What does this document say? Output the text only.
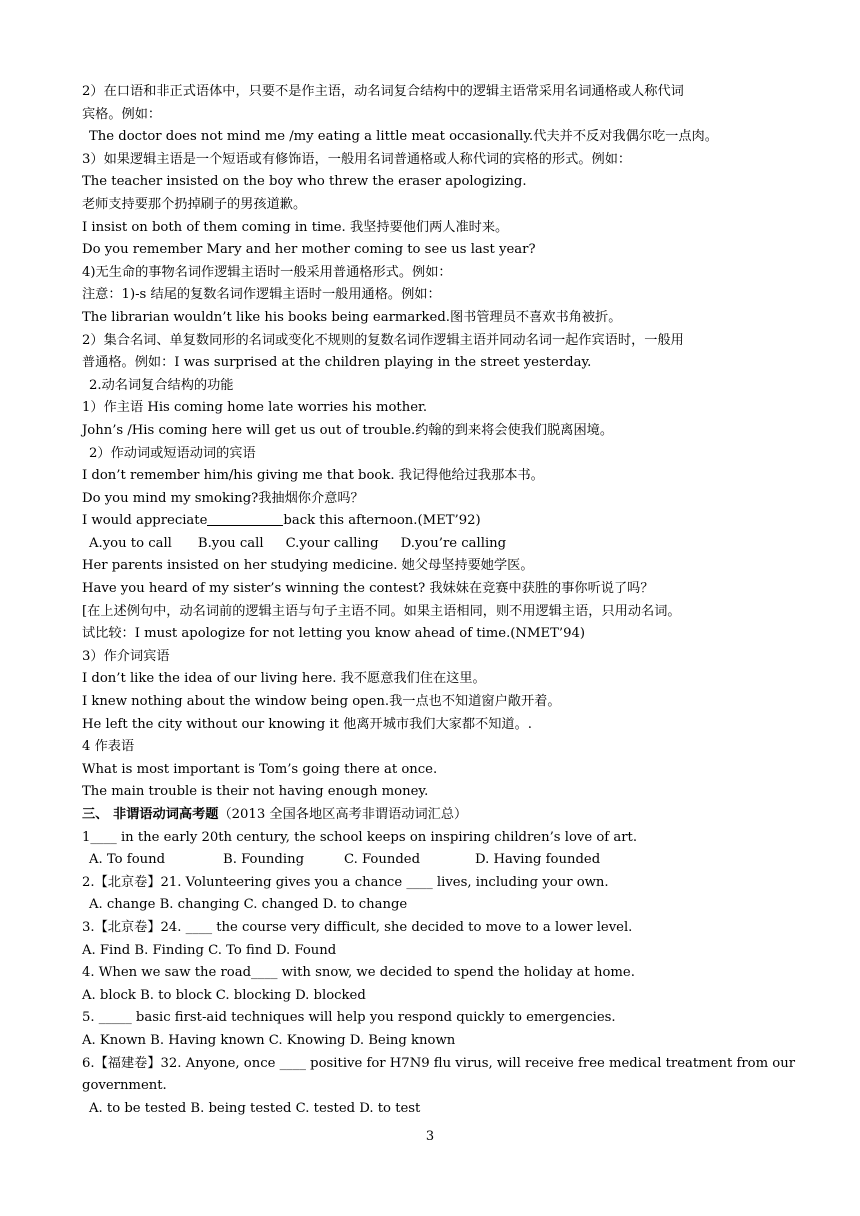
2）在口语和非正式语体中，只要不是作主语，动名词复合结构中的逻辑主语常采用名词通格或人称代词
宾格。例如：
The doctor does not mind me /my eating a little meat occasionally.代夫并不反对我偶尔吃一点肉。
3）如果逻辑主语是一个短语或有修饰语，一般用名词普通格或人称代词的宾格的形式。例如：
The teacher insisted on the boy who threw the eraser apologizing.
老师支持要那个扔掉刷子的男孩道歉。
I insist on both of them coming in time. 我坚持要他们两人准时来。
Do you remember Mary and her mother coming to see us last year?
4)无生命的事物名词作逻辑主语时一般采用普通格形式。例如：
注意：1)-s 结尾的复数名词作逻辑主语时一般用通格。例如：
The librarian wouldn’t like his books being earmarked.图书管理员不喜欢书角被折。
2）集合名词、单复数同形的名词或变化不规则的复数名词作逻辑主语并同动名词一起作宾语时，一般用
普通格。例如：I was surprised at the children playing in the street yesterday.
2.动名词复合结构的功能
1）作主语 His coming home late worries his mother.
John’s /His coming here will get us out of trouble.约翰的到来将会使我们脱离困境。
2）作动词或短语动词的宾语
I don’t remember him/his giving me that book. 我记得他给过我那本书。
Do you mind my smoking?我抽烟你介意吗？
I would appreciate	back this afternoon.(MET’92)
A.you to call B.you call C.your calling D.you’re calling
Her parents insisted on her studying medicine. 她父母坚持要她学医。
Have you heard of my sister’s winning the contest? 我妹妹在竞赛中获胜的事你听说了吗？
[在上述例句中，动名词前的逻辑主语与句子主语不同。如果主语相同，则不用逻辑主语，只用动名词。
试比较：I must apologize for not letting you know ahead of time.(NMET’94)
3）作介词宾语
I don’t like the idea of our living here. 我不愿意我们住在这里。
I knew nothing about the window being open.我一点也不知道窗户敞开着。
He left the city without our knowing it 他离开城市我们大家都不知道。.
4 作表语
What is most important is Tom’s going there at once.
The main trouble is their not having enough money.
三、 非谓语动词高考题（2013 全国各地区高考非谓语动词汇总）
1____ in the early 20th century, the school keeps on inspiring children’s love of art.
A. To found	B. Founding	C. Founded	D. Having founded
2.【北京卷】21. Volunteering gives you a chance ____ lives, including your own.
A. change B. changing C. changed D. to change
3.【北京卷】24. ____ the course very difficult, she decided to move to a lower level.
A. Find B. Finding C. To find D. Found
4. When we saw the road____ with snow, we decided to spend the holiday at home.
A. block B. to block C. blocking D. blocked
5. _____ basic first-aid techniques will help you respond quickly to emergencies.
A. Known B. Having known C. Knowing D. Being known
6.【福建卷】32. Anyone, once ____ positive for H7N9 flu virus, will receive free medical treatment from our
government.
A. to be tested B. being tested C. tested D. to test
3
